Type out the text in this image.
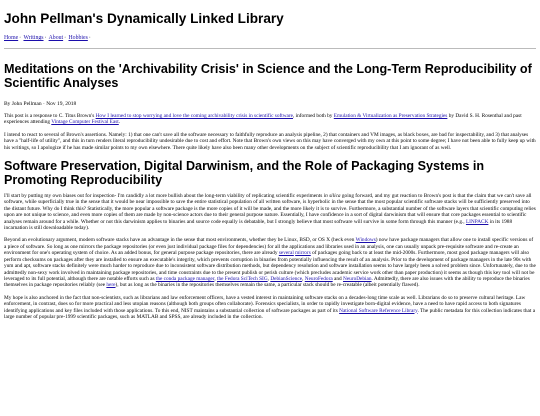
John Pellman's Dynamically Linked Library
Home· Writings· About· Hobbies·
Meditations on the 'Archivability Crisis' in Science and the Long-Term Reproducibility of Scientific Analyses
By John Pellman · Nov 19, 2018

This post is a response to C. Titus Brown's How I learned to stop worrying and love the coming archivability crisis in scientific software, informed both by Emulation & Virtualization as Preservation Strategies by David S. H. Rosenthal and past experiences attending Vintage Computer Festival East.

I intend to react to several of Brown's assertions. Namely: 1) that one can't save all the software necessary to faithfully reproduce an analysis pipeline, 2) that containers and VM images, as black boxes, are bad for inspectability, and 3) that analyses have a "half-life of utility", and this in turn renders literal reproducibility undesirable due to cost and effort. Note that Brown's own views on this may have converged with my own at this point to some degree; I have not been able to fully keep up with his writings, so I apologize if he has made similar points to my own elsewhere. There quite likely have also been many other developments on the subject of scientific reproducibility that I am ignorant of as well.

Software Preservation, Digital Darwinism, and the Role of Packaging Systems in Promoting Reproducibility

I'll start by putting my own biases out for inspection- I'm candidly a lot more bullish about the long-term viability of replicating scientific experiments in silica going forward, and my gut reaction to Brown's post is that the claim that we can't save all software, while superficially true in the sense that it would be near impossible to save the entire statistical population of all written software, is hyperbolic in the sense that the most popular scientific software stacks will be sufficiently preserved into the distant future. Why do I think this? Statistically, the more popular a software package is the more copies of it will be made, and the more likely it is to survive. Furthermore, a substantial number of the software layers that scientific computing relies upon are not unique to science, and even more copies of them are made by non-science actors due to their general purpose nature. Essentially, I have confidence in a sort of digital darwinism that will ensure that core packages essential to scientific analyses remain around for a while. Whether or not this darwinism applies to binaries and source code equally is debatable, but I strongly believe that most software will survive in some form through this manner (e.g., LINPACK in its 1988 incarnation is still downloadable today).

Beyond an evolutionary argument, modern software stacks have an advantage in the sense that most environments, whether they be Linux, BSD, or OS X (heck even Windows) now have package managers that allow one to install specific versions of a piece of software. So long as one mirrors the package repositories (or even just individual package files for dependencies) for all the applications and libraries used in an analysis, one can usually unpack pre-requisite software and re-create an environment for one's operating system of choice. As an added bonus, for general purpose package repositories, there are already several mirrors of packages going back to at least the mid-2000s. Furthermore, most good package managers will also perform checksums on packages after they are installed to ensure an executable's integrity, which prevents corruption in binaries from potentially influencing the result of an analysis. Prior to the development of package managers in the late 90s with yum and apt, software stacks definitely were much harder to reproduce due to inconsistent software distribution methods, but dependency resolution and software installation seems to have largely been a solved problem since. Unfortunately, due to the admittedly non-sexy work involved in maintaining package repositories, and time constraints due to the present publish or perish culture (which precludes academic service work other than paper production) it seems as though this key tool will not be leveraged to its full potential, although there are notable efforts such as the conda package manager, the Fedora SciTech SIG, DebianScience, NeuroFedora and NeuroDebian. Admittedly, there are also issues with the ability to reproduce the binaries themselves in package repositories reliably (see here), but as long as the binaries in the repositories themselves remain the same, a particular stack should be re-creatable (albeit potentially flawed).

My hope is also anchored in the fact that non-scientists, such as librarians and law enforcement officers, have a vested interest in maintaining software stacks on a decades-long time scale as well. Librarians do so to preserve cultural heritage. Law enforcement, in contrast, does so for more practical and less utopian reasons (although both groups often collaborate). Forensics specialists, in order to rapidly investigate born-digital evidence, have a need to have rapid access to both signatures identifying applications and key files included with those applications. To this end, NIST maintains a substantial collection of software packages as part of its National Software Reference Library. The public metadata for this collection indicates that a large number of popular pre-1999 scientific packages, such as MATLAB and SPSS, are already included in the collection.
